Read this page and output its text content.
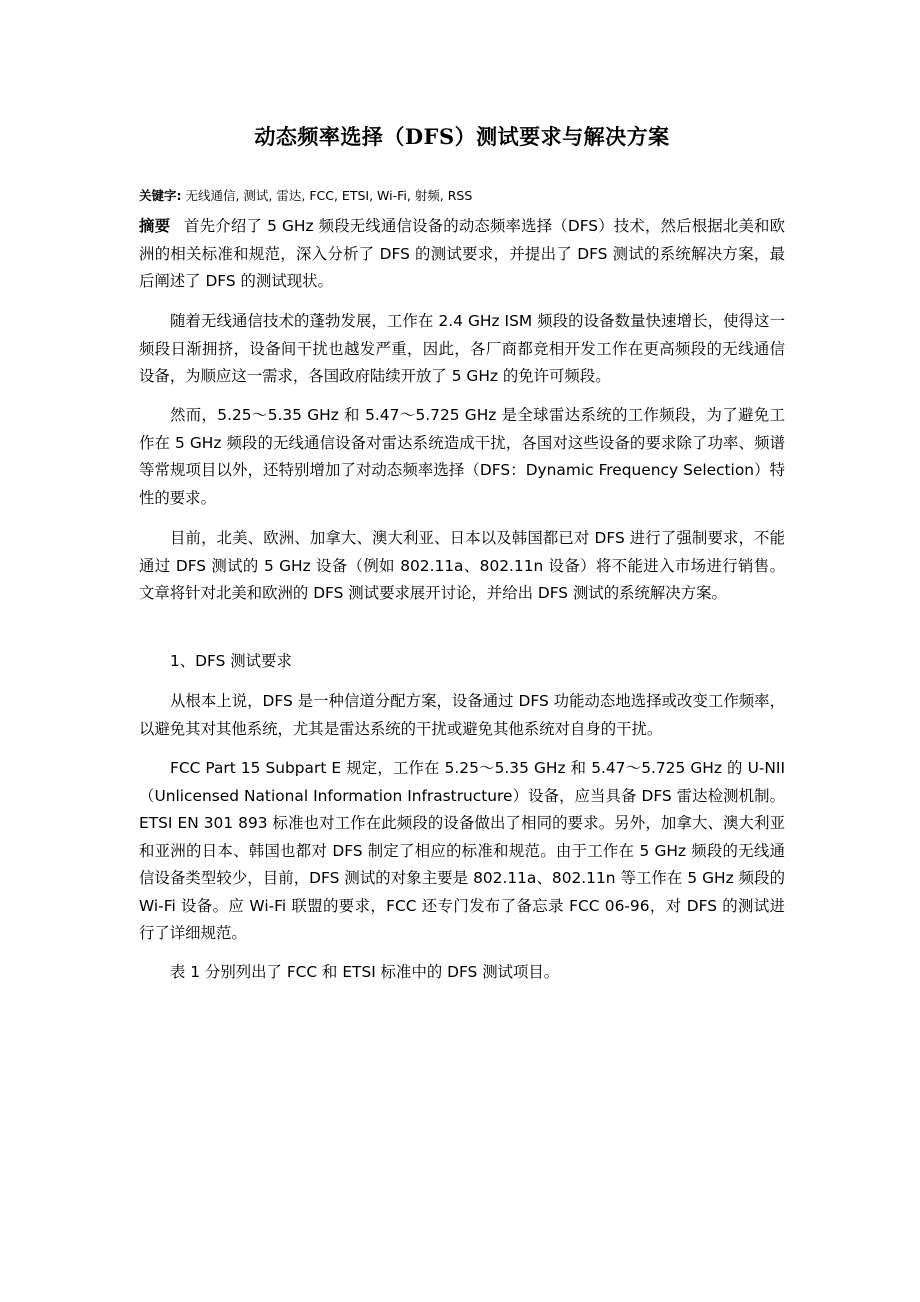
动态频率选择（DFS）测试要求与解决方案
关键字: 无线通信, 测试, 雷达, FCC, ETSI, Wi-Fi, 射频, RSS
摘要 首先介绍了 5 GHz 频段无线通信设备的动态频率选择（DFS）技术，然后根据北美和欧洲的相关标准和规范，深入分析了 DFS 的测试要求，并提出了 DFS 测试的系统解决方案，最后阐述了 DFS 的测试现状。
随着无线通信技术的蓬勃发展，工作在 2.4 GHz ISM 频段的设备数量快速增长，使得这一频段日渐拥挤，设备间干扰也越发严重，因此，各厂商都竞相开发工作在更高频段的无线通信设备，为顺应这一需求，各国政府陆续开放了 5 GHz 的免许可频段。
然而，5.25～5.35 GHz 和 5.47～5.725 GHz 是全球雷达系统的工作频段，为了避免工作在 5 GHz 频段的无线通信设备对雷达系统造成干扰，各国对这些设备的要求除了功率、频谱等常规项目以外，还特别增加了对动态频率选择（DFS：Dynamic Frequency Selection）特性的要求。
目前，北美、欧洲、加拿大、澳大利亚、日本以及韩国都已对 DFS 进行了强制要求，不能通过 DFS 测试的 5 GHz 设备（例如 802.11a、802.11n 设备）将不能进入市场进行销售。文章将针对北美和欧洲的 DFS 测试要求展开讨论，并给出 DFS 测试的系统解决方案。
1、DFS 测试要求
从根本上说，DFS 是一种信道分配方案，设备通过 DFS 功能动态地选择或改变工作频率，以避免其对其他系统，尤其是雷达系统的干扰或避免其他系统对自身的干扰。
FCC Part 15 Subpart E 规定，工作在 5.25～5.35 GHz 和 5.47～5.725 GHz 的 U-NII（Unlicensed National Information Infrastructure）设备，应当具备 DFS 雷达检测机制。ETSI EN 301 893 标准也对工作在此频段的设备做出了相同的要求。另外，加拿大、澳大利亚和亚洲的日本、韩国也都对 DFS 制定了相应的标准和规范。由于工作在 5 GHz 频段的无线通信设备类型较少，目前，DFS 测试的对象主要是 802.11a、802.11n 等工作在 5 GHz 频段的 Wi-Fi 设备。应 Wi-Fi 联盟的要求，FCC 还专门发布了备忘录 FCC 06-96，对 DFS 的测试进行了详细规范。
表 1 分别列出了 FCC 和 ETSI 标准中的 DFS 测试项目。
